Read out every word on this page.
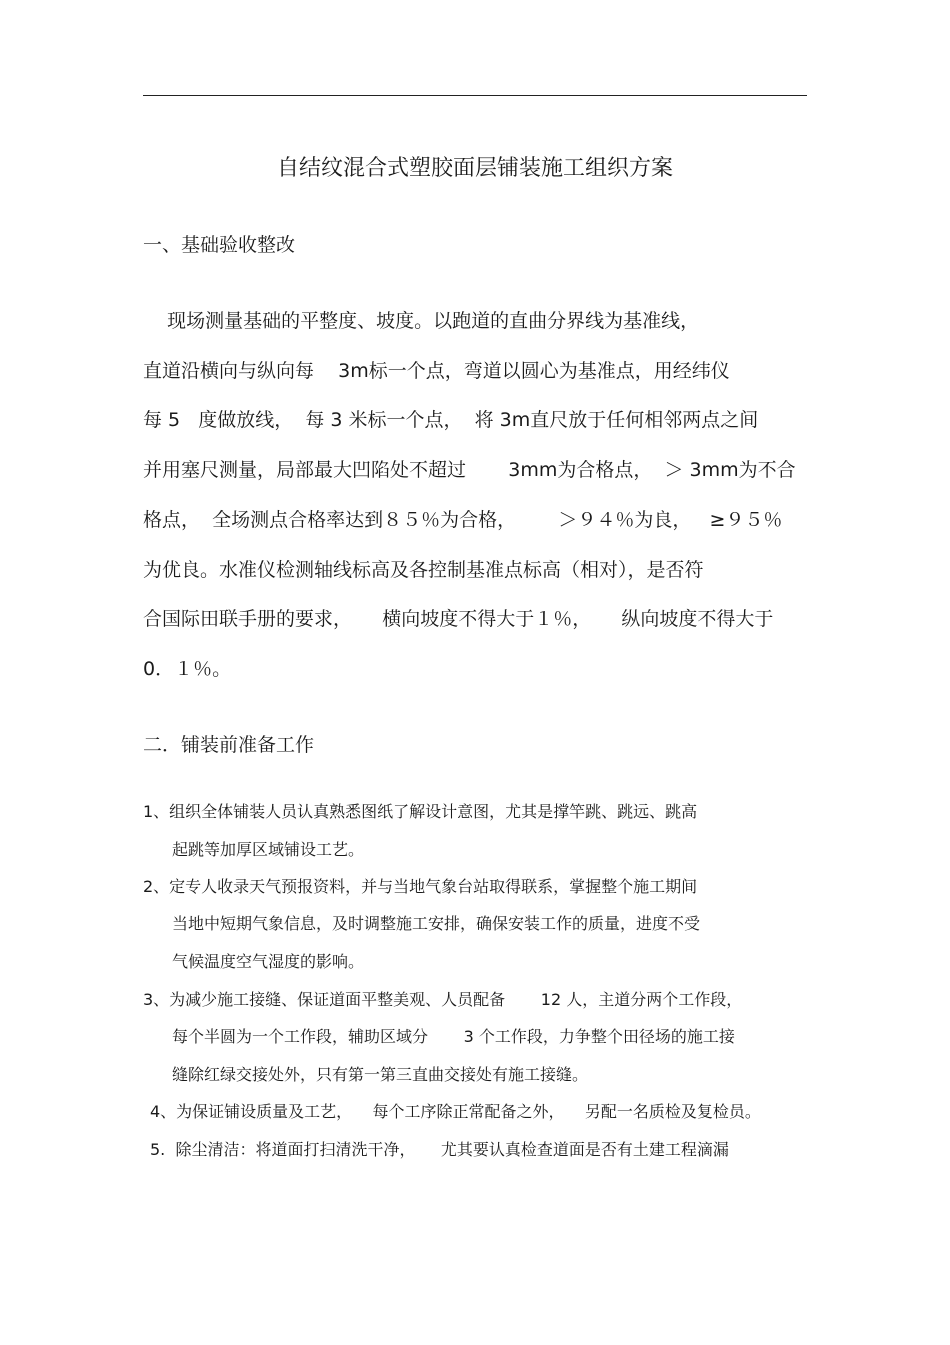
自结纹混合式塑胶面层铺装施工组织方案
一、基础验收整改
现场测量基础的平整度、坡度。以跑道的直曲分界线为基准线，
直道沿横向与纵向每    3m标一个点，弯道以圆心为基准点，用经纬仪
每 5   度做放线，  每 3 米标一个点，  将 3m直尺放于任何相邻两点之间
并用塞尺测量，局部最大凹陷处不超过       3mm为合格点，  ＞ 3mm为不合
格点，  全场测点合格率达到８５％为合格，       ＞９４％为良，   ≥９５％
为优良。水准仪检测轴线标高及各控制基准点标高（相对），是否符
合国际田联手册的要求，     横向坡度不得大于１％，     纵向坡度不得大于
0．１％。
二．铺装前准备工作
1、组织全体铺装人员认真熟悉图纸了解设计意图，尤其是撑竿跳、跳远、跳高
起跳等加厚区域铺设工艺。
2、定专人收录天气预报资料，并与当地气象台站取得联系，掌握整个施工期间
当地中短期气象信息，及时调整施工安排，确保安装工作的质量，进度不受
气候温度空气湿度的影响。
3、为减少施工接缝、保证道面平整美观、人员配备       12 人，主道分两个工作段，
每个半圆为一个工作段，辅助区域分       3 个工作段，力争整个田径场的施工接
缝除红绿交接处外，只有第一第三直曲交接处有施工接缝。
4、为保证铺设质量及工艺，    每个工序除正常配备之外，    另配一名质检及复检员。
5.  除尘清洁：将道面打扫清洗干净，     尤其要认真检查道面是否有土建工程滴漏
